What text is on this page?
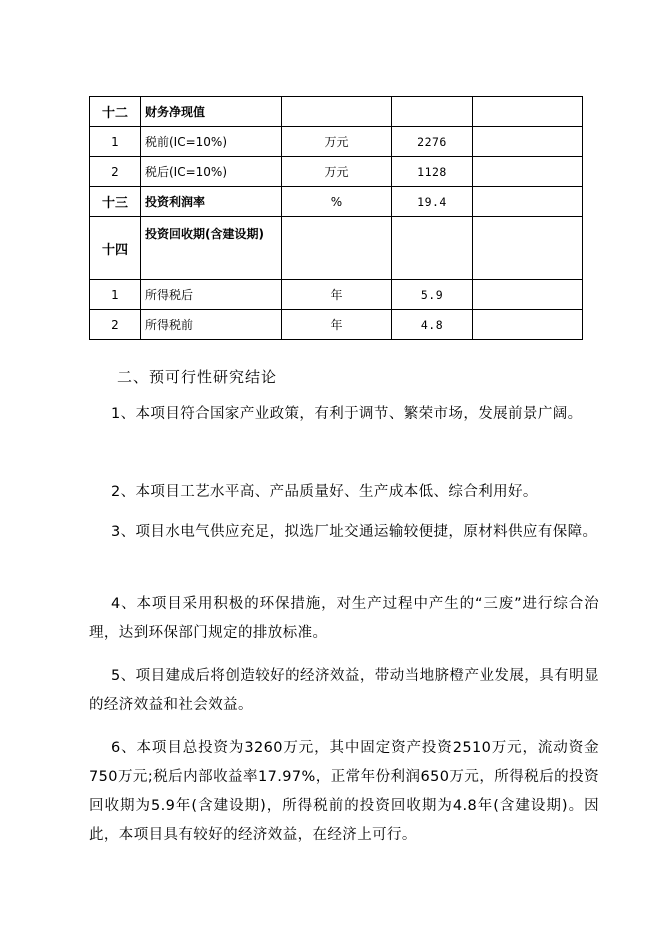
十二	财务净现值			
1	税前(IC=10%)	万元	2276	
2	税后(IC=10%)	万元	1128	
十三	投资利润率	%	19.4	
十四	投资回收期(含建设期)			
1	所得税后	年	5.9	
2	所得税前	年	4.8	
二、预可行性研究结论

1、本项目符合国家产业政策，有利于调节、繁荣市场，发展前景广阔。

2、本项目工艺水平高、产品质量好、生产成本低、综合利用好。

3、项目水电气供应充足，拟选厂址交通运输较便捷，原材料供应有保障。

4、本项目采用积极的环保措施，对生产过程中产生的“三废”进行综合治理，达到环保部门规定的排放标准。

5、项目建成后将创造较好的经济效益，带动当地脐橙产业发展，具有明显的经济效益和社会效益。

6、本项目总投资为3260万元，其中固定资产投资2510万元，流动资金750万元;税后内部收益率17.97%，正常年份利润650万元，所得税后的投资回收期为5.9年(含建设期)，所得税前的投资回收期为4.8年(含建设期)。因此，本项目具有较好的经济效益，在经济上可行。
